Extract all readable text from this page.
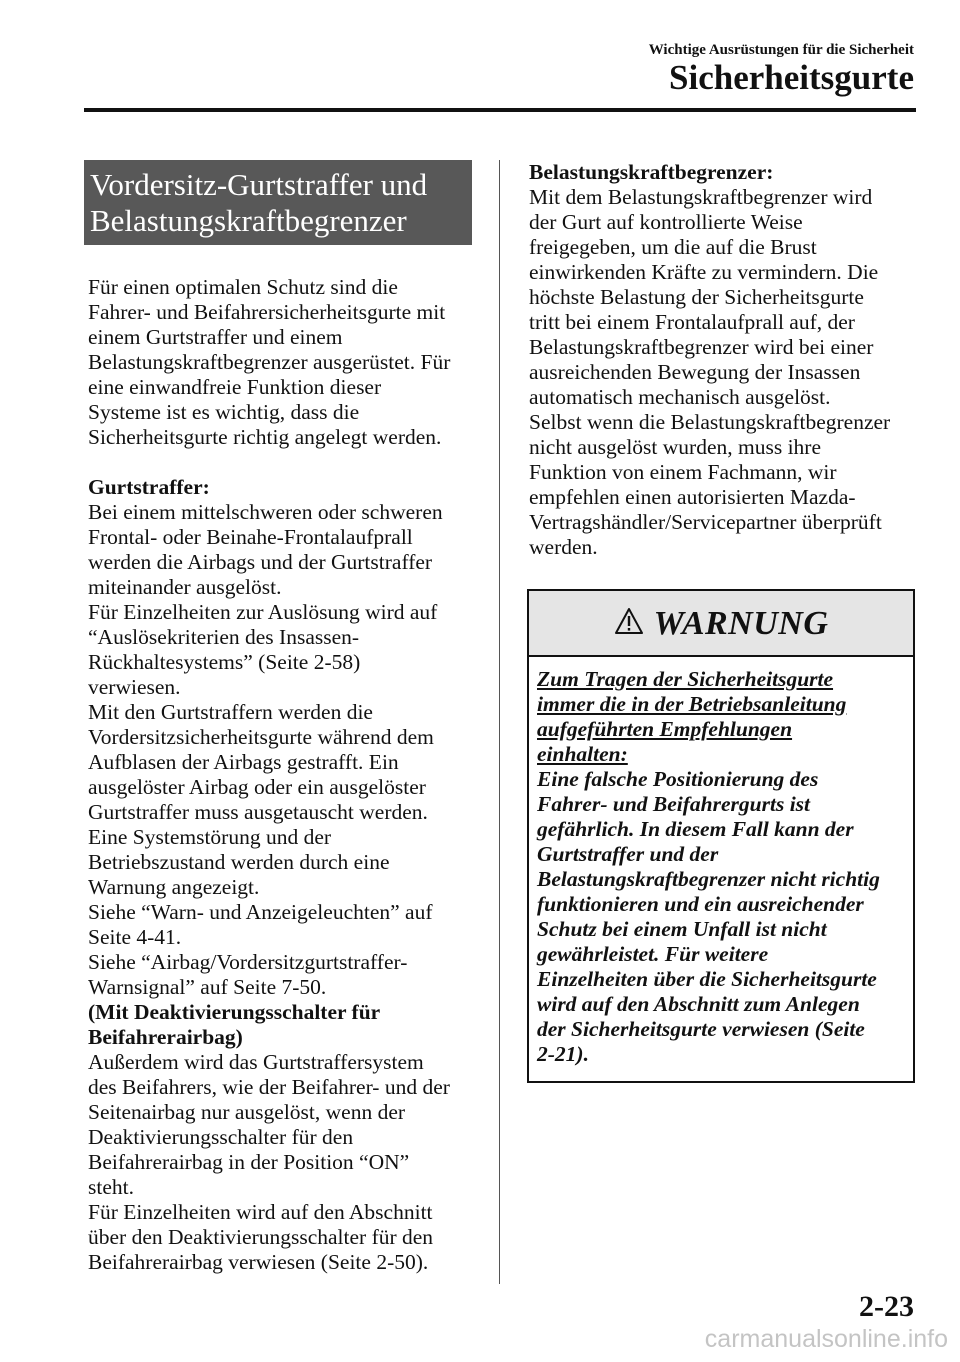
Wichtige Ausrüstungen für die Sicherheit
Sicherheitsgurte
Vordersitz-Gurtstraffer und
Belastungskraftbegrenzer
Für einen optimalen Schutz sind die
Fahrer- und Beifahrersicherheitsgurte mit
einem Gurtstraffer und einem
Belastungskraftbegrenzer ausgerüstet. Für
eine einwandfreie Funktion dieser
Systeme ist es wichtig, dass die
Sicherheitsgurte richtig angelegt werden.
Gurtstraffer:
Bei einem mittelschweren oder schweren
Frontal- oder Beinahe-Frontalaufprall
werden die Airbags und der Gurtstraffer
miteinander ausgelöst.
Für Einzelheiten zur Auslösung wird auf
“Auslösekriterien des Insassen-
Rückhaltesystems” (Seite 2-58)
verwiesen.
Mit den Gurtstraffern werden die
Vordersitzsicherheitsgurte während dem
Aufblasen der Airbags gestrafft. Ein
ausgelöster Airbag oder ein ausgelöster
Gurtstraffer muss ausgetauscht werden.
Eine Systemstörung und der
Betriebszustand werden durch eine
Warnung angezeigt.
Siehe “Warn- und Anzeigeleuchten” auf
Seite 4-41.
Siehe “Airbag/Vordersitzgurtstraffer-
Warnsignal” auf Seite 7-50.
(Mit Deaktivierungsschalter für
Beifahrerairbag)
Außerdem wird das Gurtstraffersystem
des Beifahrers, wie der Beifahrer- und der
Seitenairbag nur ausgelöst, wenn der
Deaktivierungsschalter für den
Beifahrerairbag in der Position “ON”
steht.
Für Einzelheiten wird auf den Abschnitt
über den Deaktivierungsschalter für den
Beifahrerairbag verwiesen (Seite 2-50).
Belastungskraftbegrenzer:
Mit dem Belastungskraftbegrenzer wird
der Gurt auf kontrollierte Weise
freigegeben, um die auf die Brust
einwirkenden Kräfte zu vermindern. Die
höchste Belastung der Sicherheitsgurte
tritt bei einem Frontalaufprall auf, der
Belastungskraftbegrenzer wird bei einer
ausreichenden Bewegung der Insassen
automatisch mechanisch ausgelöst.
Selbst wenn die Belastungskraftbegrenzer
nicht ausgelöst wurden, muss ihre
Funktion von einem Fachmann, wir
empfehlen einen autorisierten Mazda-
Vertragshändler/Servicepartner überprüft
werden.
WARNUNG
Zum Tragen der Sicherheitsgurte
immer die in der Betriebsanleitung
aufgeführten Empfehlungen
einhalten:
Eine falsche Positionierung des
Fahrer- und Beifahrergurts ist
gefährlich. In diesem Fall kann der
Gurtstraffer und der
Belastungskraftbegrenzer nicht richtig
funktionieren und ein ausreichender
Schutz bei einem Unfall ist nicht
gewährleistet. Für weitere
Einzelheiten über die Sicherheitsgurte
wird auf den Abschnitt zum Anlegen
der Sicherheitsgurte verwiesen (Seite
2-21).
2-23
carmanualsonline.info
